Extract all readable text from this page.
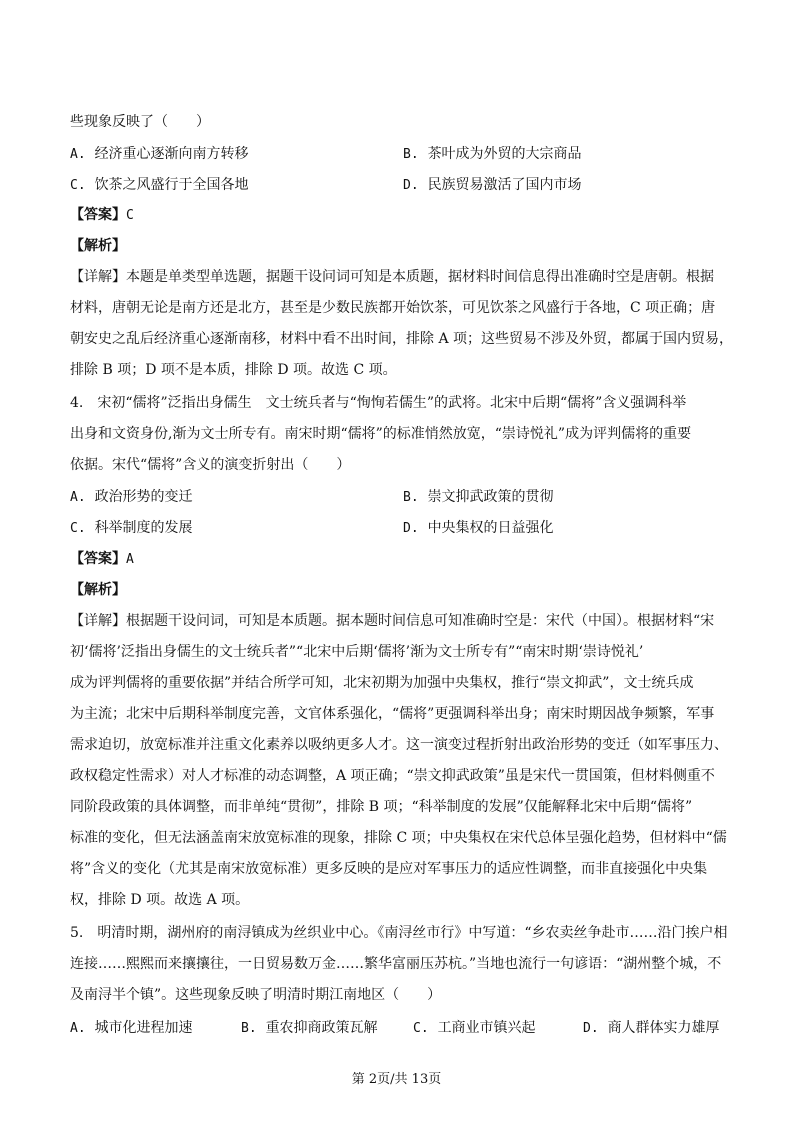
些现象反映了（　　）
A. 经济重心逐渐向南方转移	B. 茶叶成为外贸的大宗商品
C. 饮茶之风盛行于全国各地	D. 民族贸易激活了国内市场
【答案】C
【解析】
【详解】本题是单类型单选题，据题干设问词可知是本质题，据材料时间信息得出准确时空是唐朝。根据
材料，唐朝无论是南方还是北方，甚至是少数民族都开始饮茶，可见饮茶之风盛行于各地，C 项正确；唐
朝安史之乱后经济重心逐渐南移，材料中看不出时间，排除 A 项；这些贸易不涉及外贸，都属于国内贸易，
排除 B 项；D 项不是本质，排除 D 项。故选 C 项。
4.　宋初“儒将”泛指出身儒生　文士统兵者与“恂恂若儒生”的武将。北宋中后期“儒将”含义强调科举
出身和文资身份,渐为文士所专有。南宋时期“儒将”的标准悄然放宽，“崇诗悦礼”成为评判儒将的重要
依据。宋代“儒将”含义的演变折射出（　　）
A. 政治形势的变迁	B. 崇文抑武政策的贯彻
C. 科举制度的发展	D. 中央集权的日益强化
【答案】A
【解析】
【详解】根据题干设问词，可知是本质题。据本题时间信息可知准确时空是：宋代（中国）。根据材料“宋
初‘儒将’泛指出身儒生的文士统兵者”“北宋中后期‘儒将’渐为文士所专有”“南宋时期‘崇诗悦礼’
成为评判儒将的重要依据”并结合所学可知，北宋初期为加强中央集权，推行“崇文抑武”，文士统兵成
为主流；北宋中后期科举制度完善，文官体系强化，“儒将”更强调科举出身；南宋时期因战争频繁，军事
需求迫切，放宽标准并注重文化素养以吸纳更多人才。这一演变过程折射出政治形势的变迁（如军事压力、
政权稳定性需求）对人才标准的动态调整，A 项正确；“崇文抑武政策”虽是宋代一贯国策，但材料侧重不
同阶段政策的具体调整，而非单纯“贯彻”，排除 B 项；“科举制度的发展”仅能解释北宋中后期“儒将”
标准的变化，但无法涵盖南宋放宽标准的现象，排除 C 项；中央集权在宋代总体呈强化趋势，但材料中“儒
将”含义的变化（尤其是南宋放宽标准）更多反映的是应对军事压力的适应性调整，而非直接强化中央集
权，排除 D 项。故选 A 项。
5.　明清时期，湖州府的南浔镇成为丝织业中心。《南浔丝市行》中写道：“乡农卖丝争赴市……沿门挨户相
连接……熙熙而来攘攘往，一日贸易数万金……繁华富丽压苏杭。”当地也流行一句谚语：“湖州整个城，不
及南浔半个镇”。这些现象反映了明清时期江南地区（　　）
A. 城市化进程加速	B. 重农抑商政策瓦解	C. 工商业市镇兴起	D. 商人群体实力雄厚
第 2页/共 13页
